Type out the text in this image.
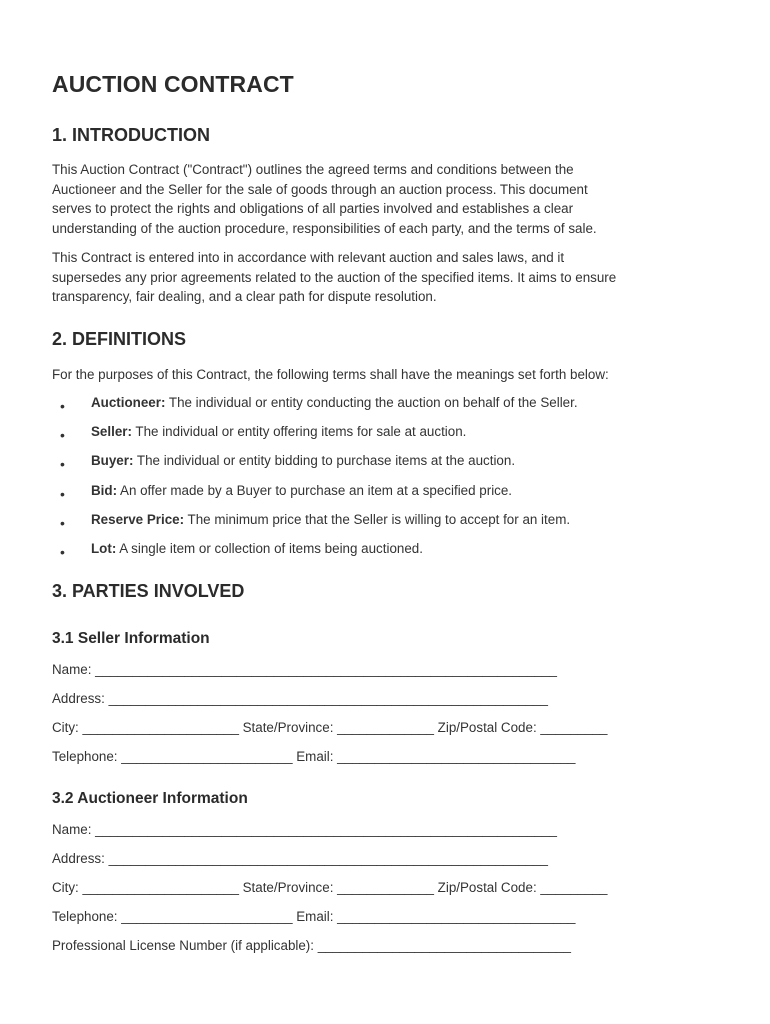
AUCTION CONTRACT
1. INTRODUCTION

This Auction Contract ("Contract") outlines the agreed terms and conditions between the
Auctioneer and the Seller for the sale of goods through an auction process. This document
serves to protect the rights and obligations of all parties involved and establishes a clear
understanding of the auction procedure, responsibilities of each party, and the terms of sale.

This Contract is entered into in accordance with relevant auction and sales laws, and it
supersedes any prior agreements related to the auction of the specified items. It aims to ensure
transparency, fair dealing, and a clear path for dispute resolution.

2. DEFINITIONS

For the purposes of this Contract, the following terms shall have the meanings set forth below:

• Auctioneer: The individual or entity conducting the auction on behalf of the Seller.
• Seller: The individual or entity offering items for sale at auction.
• Buyer: The individual or entity bidding to purchase items at the auction.
• Bid: An offer made by a Buyer to purchase an item at a specified price.
• Reserve Price: The minimum price that the Seller is willing to accept for an item.
• Lot: A single item or collection of items being auctioned.
3. PARTIES INVOLVED
3.1 Seller Information
Name: ______________________________________________________________
Address: ___________________________________________________________
City: _____________________ State/Province: _____________ Zip/Postal Code: _________
Telephone: _______________________ Email: ________________________________
3.2 Auctioneer Information
Name: ______________________________________________________________
Address: ___________________________________________________________
City: _____________________ State/Province: _____________ Zip/Postal Code: _________
Telephone: _______________________ Email: ________________________________
Professional License Number (if applicable): __________________________________
